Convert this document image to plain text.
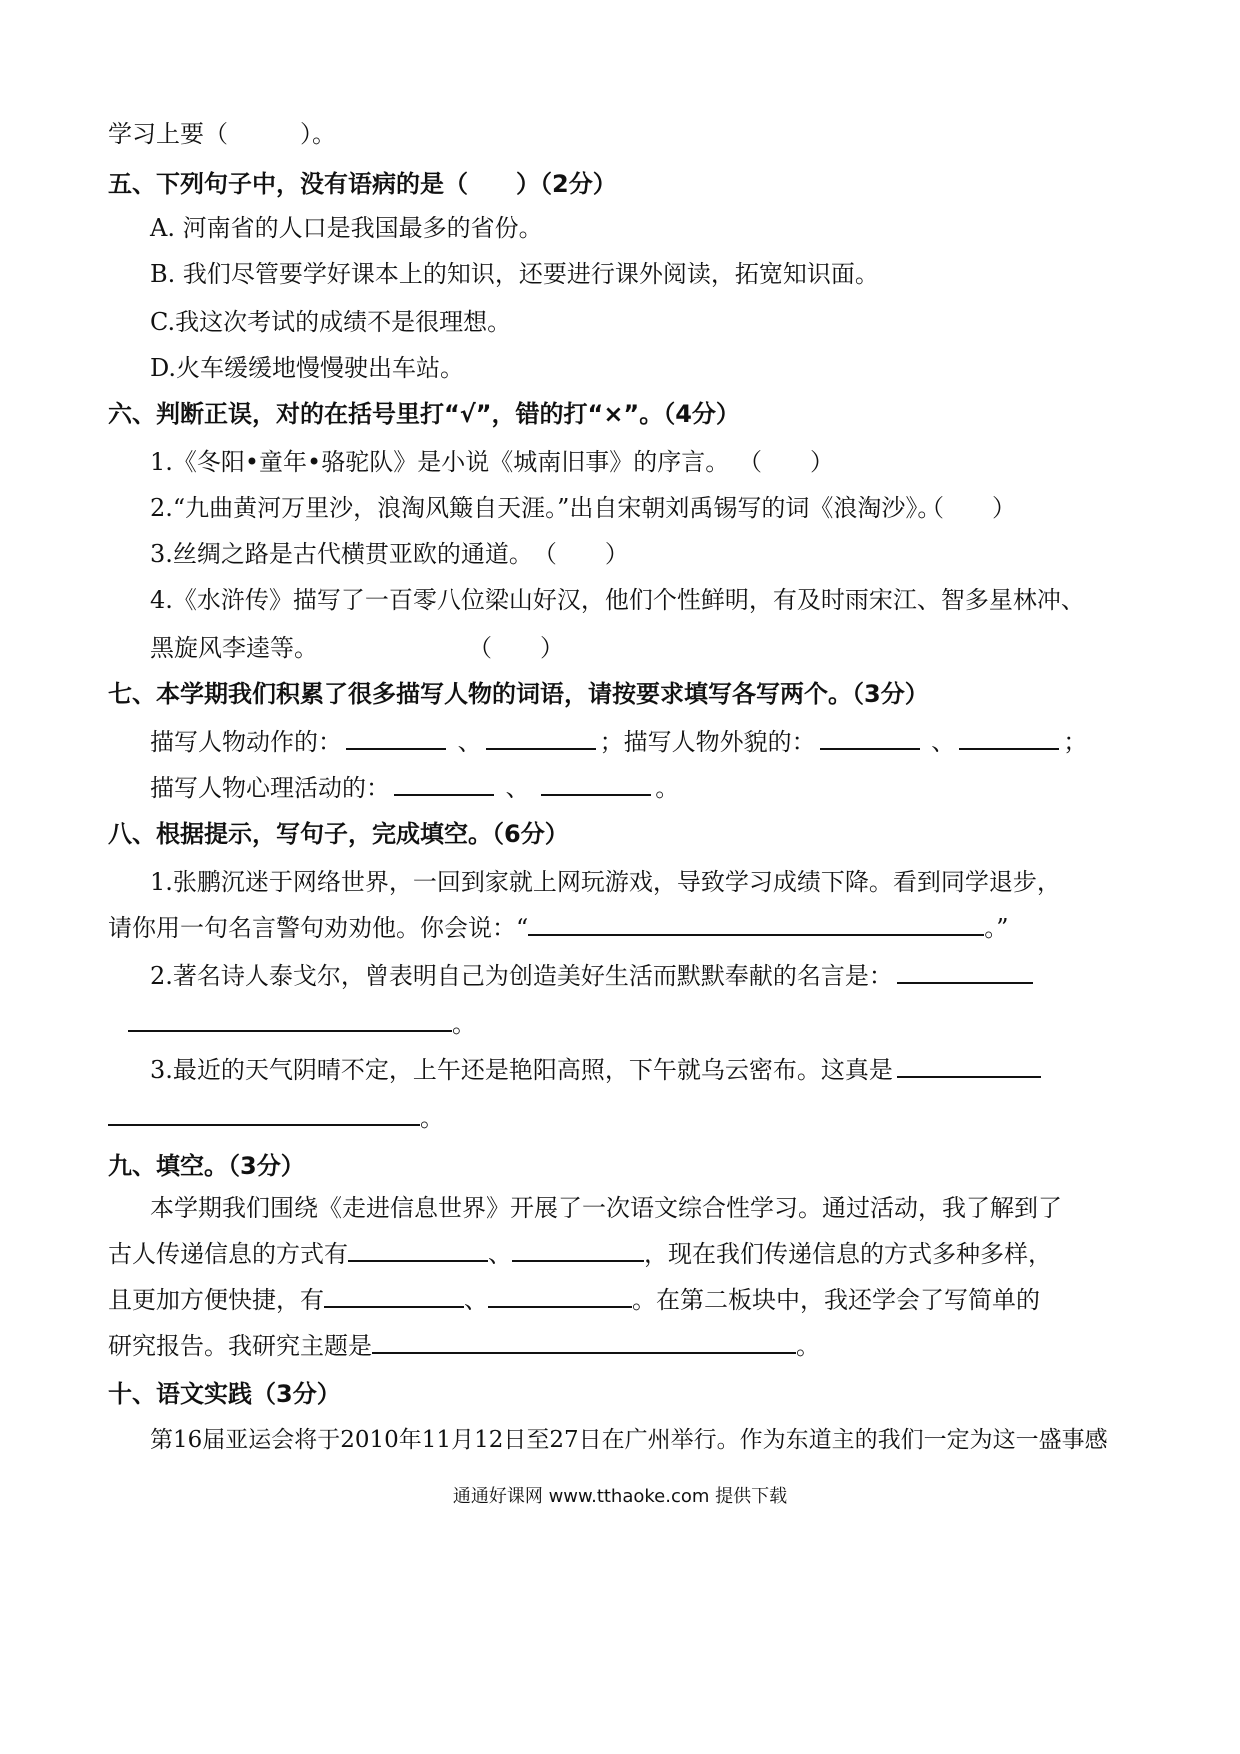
学习上要（　　　）。
五、下列句子中，没有语病的是（　　）（2分）
A. 河南省的人口是我国最多的省份。
B. 我们尽管要学好课本上的知识，还要进行课外阅读，拓宽知识面。
C.我这次考试的成绩不是很理想。
D.火车缓缓地慢慢驶出车站。
六、判断正误，对的在括号里打“√”，错的打“×”。（4分）
1.《冬阳•童年•骆驼队》是小说《城南旧事》的序言。 （　　）
2.“九曲黄河万里沙，浪淘风簸自天涯。”出自宋朝刘禹锡写的词《浪淘沙》。
（　　）
3.丝绸之路是古代横贯亚欧的通道。（　　）
4.《水浒传》描写了一百零八位梁山好汉，他们个性鲜明，有及时雨宋江、智多星林冲、
黑旋风李逵等。	（　　）
七、本学期我们积累了很多描写人物的词语，请按要求填写各写两个。（3分）
描写人物动作的：	、	；描写人物外貌的：	、	；
描写人物心理活动的：	、	。
八、根据提示，写句子，完成填空。（6分）
1.张鹏沉迷于网络世界，一回到家就上网玩游戏，导致学习成绩下降。看到同学退步，
请你用一句名言警句劝劝他。你会说：“	。”
2.著名诗人泰戈尔，曾表明自己为创造美好生活而默默奉献的名言是：
。
3.最近的天气阴晴不定，上午还是艳阳高照，下午就乌云密布。这真是
。
九、填空。（3分）
本学期我们围绕《走进信息世界》开展了一次语文综合性学习。通过活动，我了解到了
古人传递信息的方式有	、	，现在我们传递信息的方式多种多样，
且更加方便快捷，有	、	。在第二板块中，我还学会了写简单的
研究报告。我研究主题是	。
十、语文实践（3分）
第16届亚运会将于2010年11月12日至27日在广州举行。作为东道主的我们一定为这一盛事感
通通好课网 www.tthaoke.com 提供下载
